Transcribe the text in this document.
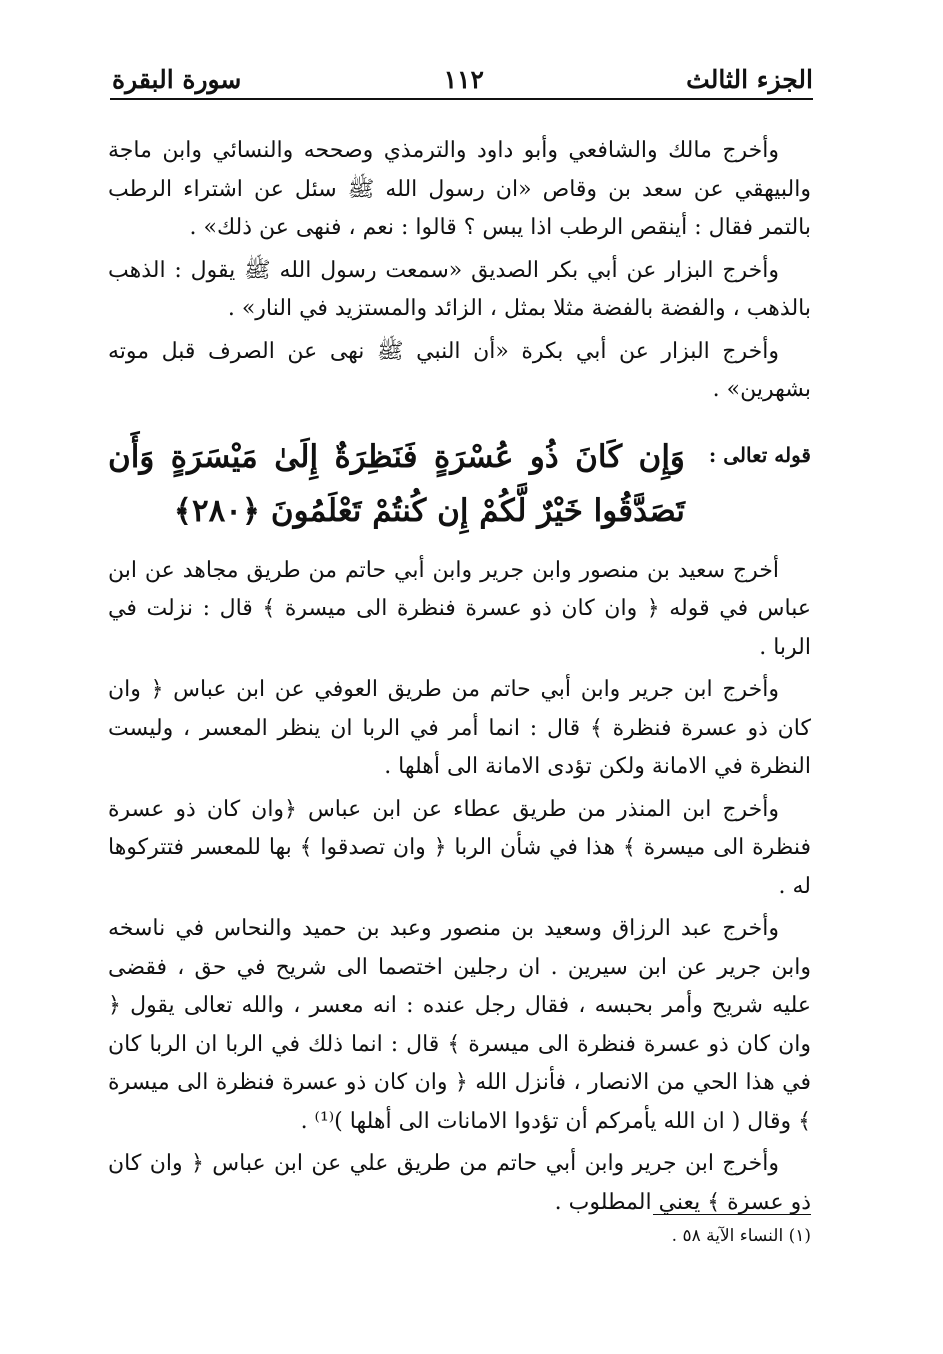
الجزء الثالث
١١٢
سورة البقرة

وأخرج مالك والشافعي وأبو داود والترمذي وصححه والنسائي وابن ماجة والبيهقي عن سعد بن وقاص «ان رسول الله ﷺ سئل عن اشتراء الرطب بالتمر فقال : أينقص الرطب اذا يبس ؟ قالوا : نعم ، فنهى عن ذلك» .

وأخرج البزار عن أبي بكر الصديق «سمعت رسول الله ﷺ يقول : الذهب بالذهب ، والفضة بالفضة مثلا بمثل ، الزائد والمستزيد في النار» .

وأخرج البزار عن أبي بكرة «أن النبي ﷺ نهى عن الصرف قبل موته بشهرين» .

قوله تعالى :
وَإِن كَانَ ذُو عُسْرَةٍ فَنَظِرَةٌ إِلَىٰ مَيْسَرَةٍ وَأَن تَصَدَّقُوا خَيْرٌ لَّكُمْ إِن كُنتُمْ تَعْلَمُونَ ﴿٢٨٠﴾

أخرج سعيد بن منصور وابن جرير وابن أبي حاتم من طريق مجاهد عن ابن عباس في قوله ﴿ وان كان ذو عسرة فنظرة الى ميسرة ﴾ قال : نزلت في الربا .

وأخرج ابن جرير وابن أبي حاتم من طريق العوفي عن ابن عباس ﴿ وان كان ذو عسرة فنظرة ﴾ قال : انما أمر في الربا ان ينظر المعسر ، وليست النظرة في الامانة ولكن تؤدى الامانة الى أهلها .

وأخرج ابن المنذر من طريق عطاء عن ابن عباس ﴿وان كان ذو عسرة فنظرة الى ميسرة ﴾ هذا في شأن الربا ﴿ وان تصدقوا ﴾ بها للمعسر فتتركوها له .

وأخرج عبد الرزاق وسعيد بن منصور وعبد بن حميد والنحاس في ناسخه وابن جرير عن ابن سيرين . ان رجلين اختصما الى شريح في حق ، فقضى عليه شريح وأمر بحبسه ، فقال رجل عنده : انه معسر ، والله تعالى يقول ﴿ وان كان ذو عسرة فنظرة الى ميسرة ﴾ قال : انما ذلك في الربا ان الربا كان في هذا الحي من الانصار ، فأنزل الله ﴿ وان كان ذو عسرة فنظرة الى ميسرة ﴾ وقال ( ان الله يأمركم أن تؤدوا الامانات الى أهلها )⁽¹⁾ .

وأخرج ابن جرير وابن أبي حاتم من طريق علي عن ابن عباس ﴿ وان كان ذو عسرة ﴾ يعني المطلوب .

(١) النساء الآية ٥٨ .
